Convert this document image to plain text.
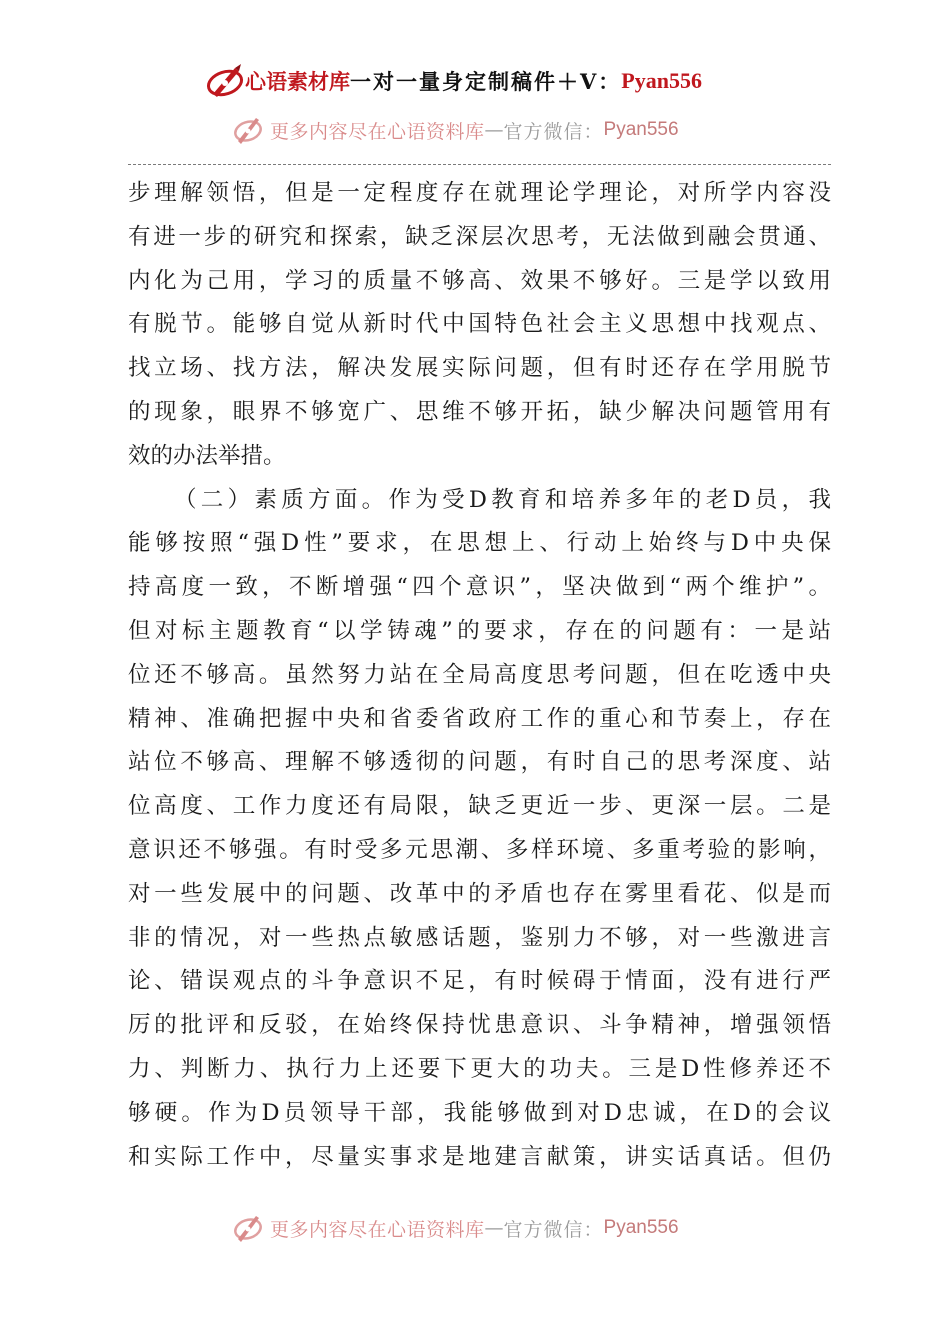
心语素材库 一对一量身定制稿件＋V： Pyan556
更多内容尽在心语资料库 — 官方微信： Pyan556
步理解领悟，但是一定程度存在就理论学理论，对所学内容没
有进一步的研究和探索，缺乏深层次思考，无法做到融会贯通、
内化为己用，学习的质量不够高、效果不够好。三是学以致用
有脱节。能够自觉从新时代中国特色社会主义思想中找观点、
找立场、找方法，解决发展实际问题，但有时还存在学用脱节
的现象，眼界不够宽广、思维不够开拓，缺少解决问题管用有
效的办法举措。
（二）素质方面。作为受D教育和培养多年的老D员，我
能够按照“强D性”要求，在思想上、行动上始终与D中央保
持高度一致，不断增强“四个意识”，坚决做到“两个维护”。
但对标主题教育“以学铸魂”的要求，存在的问题有：一是站
位还不够高。虽然努力站在全局高度思考问题，但在吃透中央
精神、准确把握中央和省委省政府工作的重心和节奏上，存在
站位不够高、理解不够透彻的问题，有时自己的思考深度、站
位高度、工作力度还有局限，缺乏更近一步、更深一层。二是
意识还不够强。有时受多元思潮、多样环境、多重考验的影响，
对一些发展中的问题、改革中的矛盾也存在雾里看花、似是而
非的情况，对一些热点敏感话题，鉴别力不够，对一些激进言
论、错误观点的斗争意识不足，有时候碍于情面，没有进行严
厉的批评和反驳，在始终保持忧患意识、斗争精神，增强领悟
力、判断力、执行力上还要下更大的功夫。三是D性修养还不
够硬。作为D员领导干部，我能够做到对D忠诚，在D的会议
和实际工作中，尽量实事求是地建言献策，讲实话真话。但仍
更多内容尽在心语资料库 — 官方微信： Pyan556
